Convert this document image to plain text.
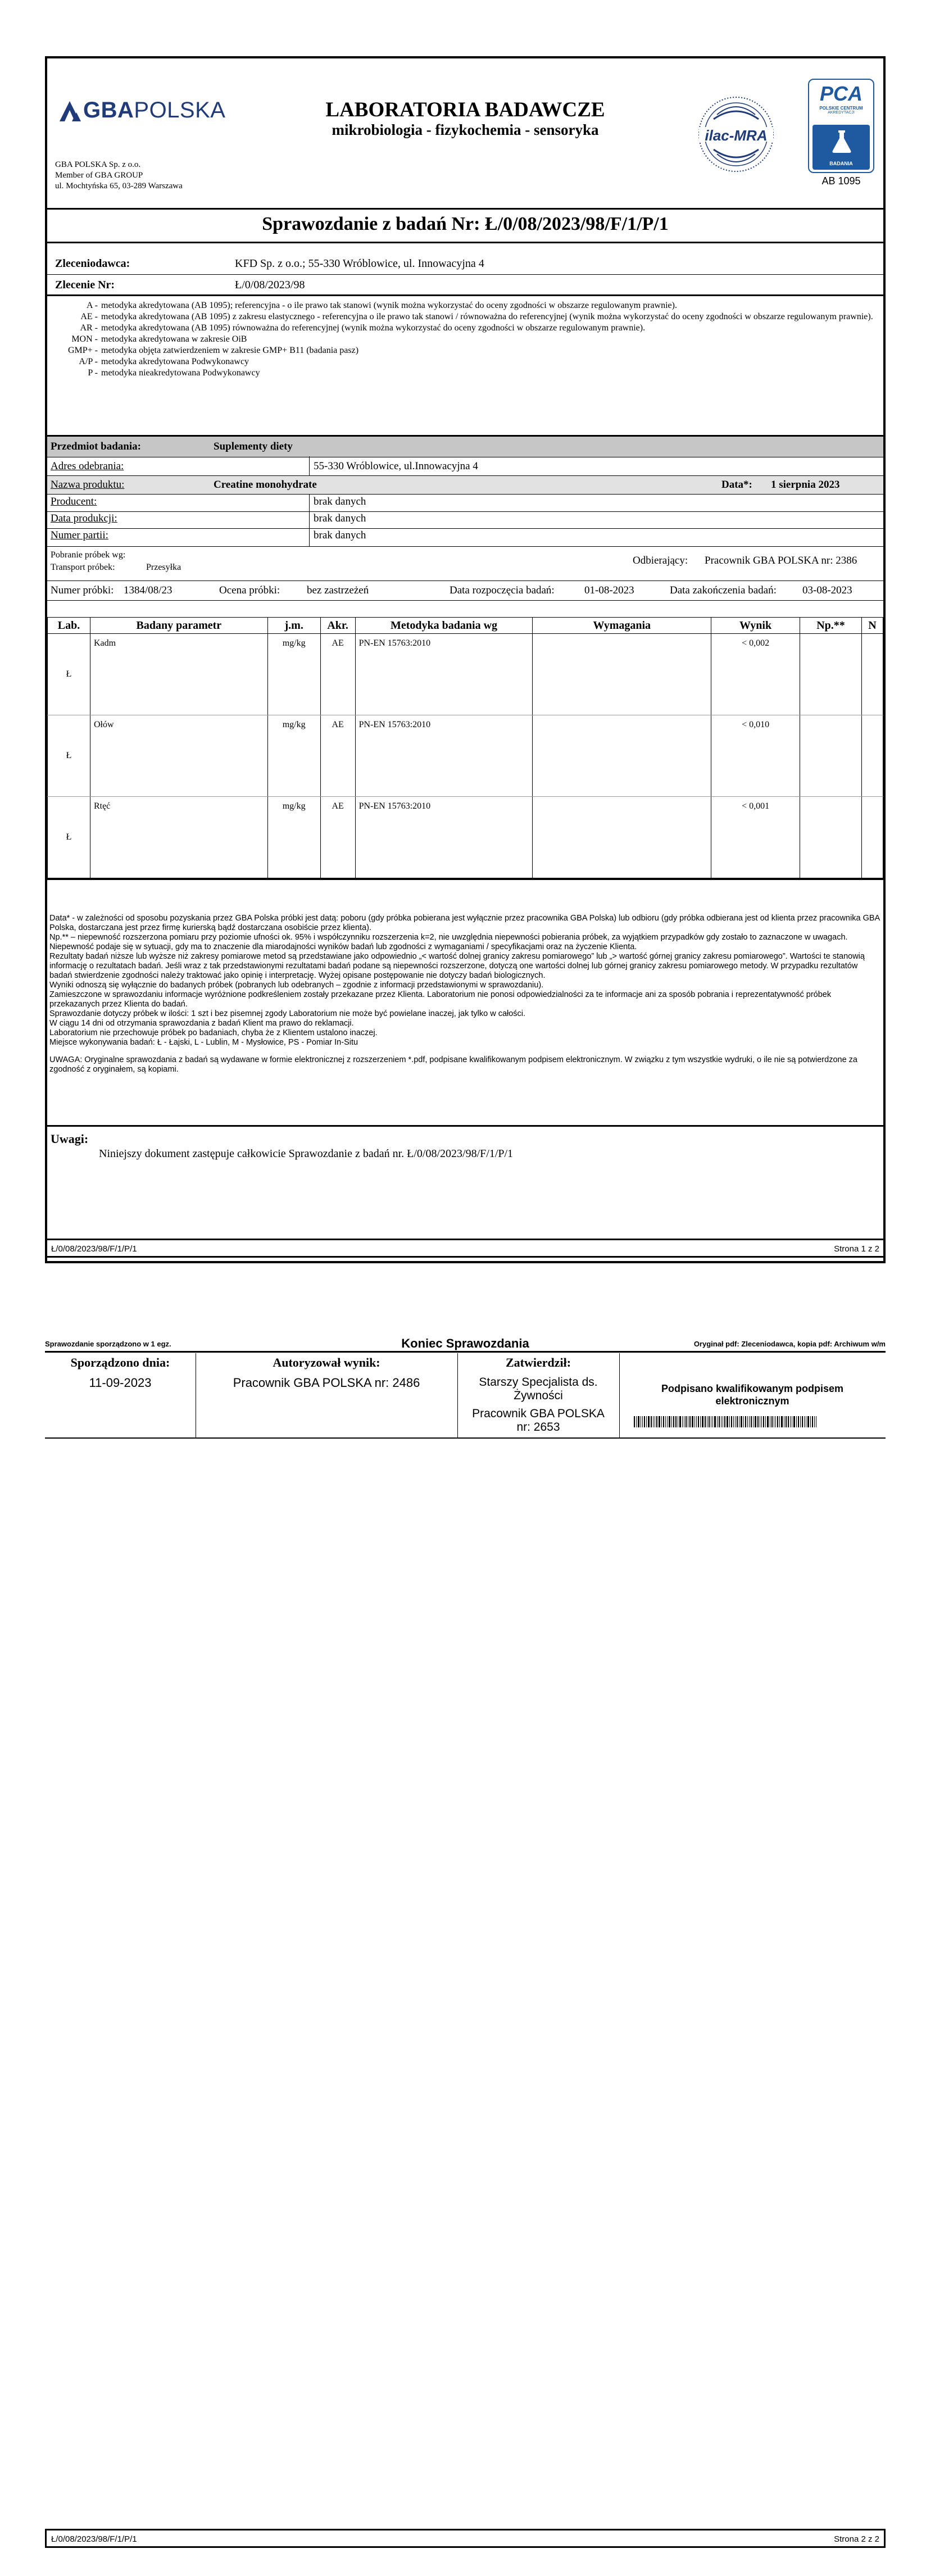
GBAPOLSKA
GBA POLSKA Sp. z o.o.
Member of GBA GROUP
ul. Mochtyńska 65, 03-289 Warszawa
LABORATORIA BADAWCZE
mikrobiologia - fizykochemia - sensoryka	ilac-MRA
PCA
POLSKIE CENTRUM
AKREDYTACJI
BADANIA
AB 1095
Sprawozdanie z badań Nr: Ł/0/08/2023/98/F/1/P/1
Zleceniodawca:	KFD Sp. z o.o.; 55-330 Wróblowice, ul. Innowacyjna 4
Zlecenie Nr:	Ł/0/08/2023/98
A - metodyka akredytowana (AB 1095); referencyjna - o ile prawo tak stanowi (wynik można wykorzystać do oceny zgodności w obszarze regulowanym prawnie).
AE - metodyka akredytowana (AB 1095) z zakresu elastycznego - referencyjna o ile prawo tak stanowi / równoważna do referencyjnej (wynik można wykorzystać do oceny zgodności w obszarze regulowanym prawnie).
AR - metodyka akredytowana (AB 1095) równoważna do referencyjnej (wynik można wykorzystać do oceny zgodności w obszarze regulowanym prawnie).
MON - metodyka akredytowana w zakresie OiB
GMP+ - metodyka objęta zatwierdzeniem w zakresie GMP+ B11 (badania pasz)
A/P - metodyka akredytowana Podwykonawcy
P - metodyka nieakredytowana Podwykonawcy
Przedmiot badania:	Suplementy diety
Adres odebrania:	55-330 Wróblowice, ul.Innowacyjna 4
Nazwa produktu:	Creatine monohydrate	Data*: 1 sierpnia 2023
Producent:	brak danych
Data produkcji:	brak danych
Numer partii:	brak danych
Pobranie próbek wg:
Transport próbek:	Przesyłka
Odbierający: Pracownik GBA POLSKA nr: 2386
Numer próbki: 1384/08/23	Ocena próbki:	bez zastrzeżeń	Data rozpoczęcia badań:	01-08-2023	Data zakończenia badań: 03-08-2023
Lab.	Badany parametr	j.m.	Akr.	Metodyka badania wg	Wymagania	Wynik	Np.**	N
Ł	Kadm	mg/kg	AE	PN-EN 15763:2010		< 0,002		
Ł	Ołów	mg/kg	AE	PN-EN 15763:2010		< 0,010		
Ł	Rtęć	mg/kg	AE	PN-EN 15763:2010		< 0,001		

Data* - w zależności od sposobu pozyskania przez GBA Polska próbki jest datą: poboru (gdy próbka pobierana jest wyłącznie przez pracownika GBA Polska) lub odbioru (gdy próbka odbierana jest od klienta przez pracownika GBA Polska, dostarczana jest przez firmę kurierską bądź dostarczana osobiście przez klienta).

Np.** – niepewność rozszerzona pomiaru przy poziomie ufności ok. 95% i współczynniku rozszerzenia k=2, nie uwzględnia niepewności pobierania próbek, za wyjątkiem przypadków gdy zostało to zaznaczone w uwagach.

Niepewność podaje się w sytuacji, gdy ma to znaczenie dla miarodajności wyników badań lub zgodności z wymaganiami / specyfikacjami oraz na życzenie Klienta.

Rezultaty badań niższe lub wyższe niż zakresy pomiarowe metod są przedstawiane jako odpowiednio „< wartość dolnej granicy zakresu pomiarowego” lub „> wartość górnej granicy zakresu pomiarowego”. Wartości te stanowią informację o rezultatach badań. Jeśli wraz z tak przedstawionymi rezultatami badań podane są niepewności rozszerzone, dotyczą one wartości dolnej lub górnej granicy zakresu pomiarowego metody. W przypadku rezultatów badań stwierdzenie zgodności należy traktować jako opinię i interpretację. Wyżej opisane postępowanie nie dotyczy badań biologicznych.

Wyniki odnoszą się wyłącznie do badanych próbek (pobranych lub odebranych – zgodnie z informacji przedstawionymi w sprawozdaniu).

Zamieszczone w sprawozdaniu informacje wyróżnione podkreśleniem zostały przekazane przez Klienta. Laboratorium nie ponosi odpowiedzialności za te informacje ani za sposób pobrania i reprezentatywność próbek przekazanych przez Klienta do badań.

Sprawozdanie dotyczy próbek w ilości: 1 szt i bez pisemnej zgody Laboratorium nie może być powielane inaczej, jak tylko w całości.

W ciągu 14 dni od otrzymania sprawozdania z badań Klient ma prawo do reklamacji.

Laboratorium nie przechowuje próbek po badaniach, chyba że z Klientem ustalono inaczej.

Miejsce wykonywania badań: Ł - Łajski, L - Lublin, M - Mysłowice, PS - Pomiar In-Situ

UWAGA: Oryginalne sprawozdania z badań są wydawane w formie elektronicznej z rozszerzeniem *.pdf, podpisane kwalifikowanym podpisem elektronicznym. W związku z tym wszystkie wydruki, o ile nie są potwierdzone za zgodność z oryginałem, są kopiami.

Uwagi:
Niniejszy dokument zastępuje całkowicie Sprawozdanie z badań nr. Ł/0/08/2023/98/F/1/P/1
Ł/0/08/2023/98/F/1/P/1	Strona 1 z 2
Sprawozdanie sporządzono w 1 egz.	Koniec Sprawozdania	Oryginał pdf: Zleceniodawca, kopia pdf: Archiwum w/m
Sporządzono dnia:
11-09-2023
Autoryzował wynik:
Pracownik GBA POLSKA nr: 2486
Zatwierdził:
Starszy Specjalista ds.
Żywności
Pracownik GBA POLSKA
nr: 2653
Podpisano kwalifikowanym podpisem
elektronicznym
Ł/0/08/2023/98/F/1/P/1	Strona 2 z 2
